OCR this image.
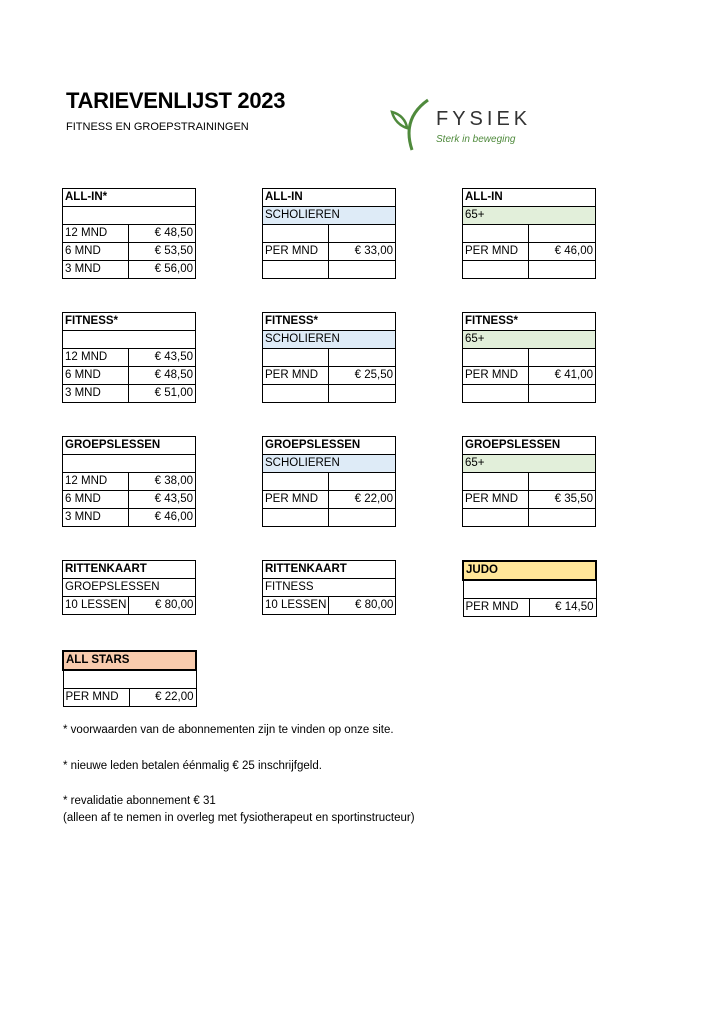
TARIEVENLIJST 2023
FITNESS EN GROEPSTRAININGEN	FYSIEK
Sterk in beweging
ALL-IN*	

12 MND	€ 48,50
6 MND	€ 53,50
3 MND	€ 56,00
ALL-IN	
SCHOLIEREN	

PER MND	€ 33,00

ALL-IN	
65+	

PER MND	€ 46,00

FITNESS*	

12 MND	€ 43,50
6 MND	€ 48,50
3 MND	€ 51,00
FITNESS*	
SCHOLIEREN	

PER MND	€ 25,50

FITNESS*	
65+	

PER MND	€ 41,00

GROEPSLESSEN	

12 MND	€ 38,00
6 MND	€ 43,50
3 MND	€ 46,00
GROEPSLESSEN	
SCHOLIEREN	

PER MND	€ 22,00

GROEPSLESSEN	
65+	

PER MND	€ 35,50

RITTENKAART
GROEPSLESSEN
10 LESSEN	€ 80,00
RITTENKAART
FITNESS
10 LESSEN	€ 80,00
JUDO

PER MND	€ 14,50
ALL STARS

PER MND	€ 22,00
* voorwaarden van de abonnementen zijn te vinden op onze site.
* nieuwe leden betalen éénmalig € 25 inschrijfgeld.
* revalidatie abonnement € 31
(alleen af te nemen in overleg met fysiotherapeut en sportinstructeur)
